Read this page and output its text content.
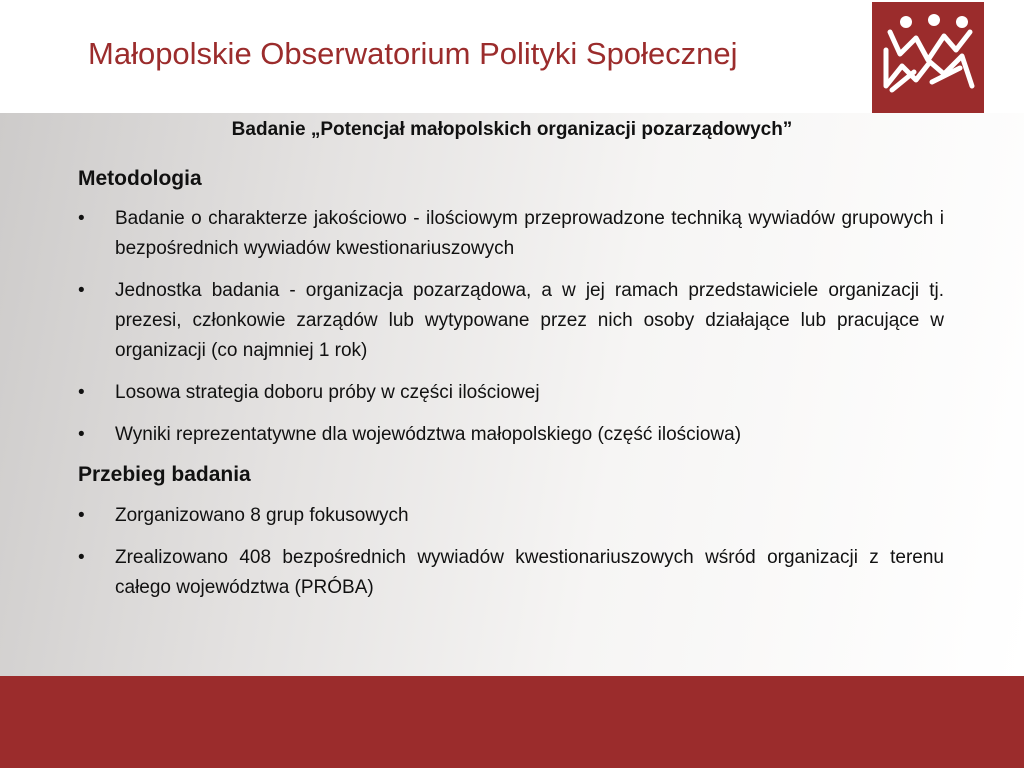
Małopolskie Obserwatorium Polityki Społecznej
Badanie „Potencjał małopolskich organizacji pozarządowych”
Metodologia
• Badanie o charakterze jakościowo - ilościowym przeprowadzone techniką wywiadów grupowych i bezpośrednich wywiadów kwestionariuszowych
• Jednostka badania - organizacja pozarządowa, a w jej ramach przedstawiciele organizacji tj. prezesi, członkowie zarządów lub wytypowane przez nich osoby działające lub pracujące w organizacji (co najmniej 1 rok)
• Losowa strategia doboru próby w części ilościowej
• Wyniki reprezentatywne dla województwa małopolskiego (część ilościowa)
Przebieg badania
• Zorganizowano 8 grup fokusowych
• Zrealizowano 408 bezpośrednich wywiadów kwestionariuszowych wśród organizacji z terenu całego województwa (PRÓBA)
